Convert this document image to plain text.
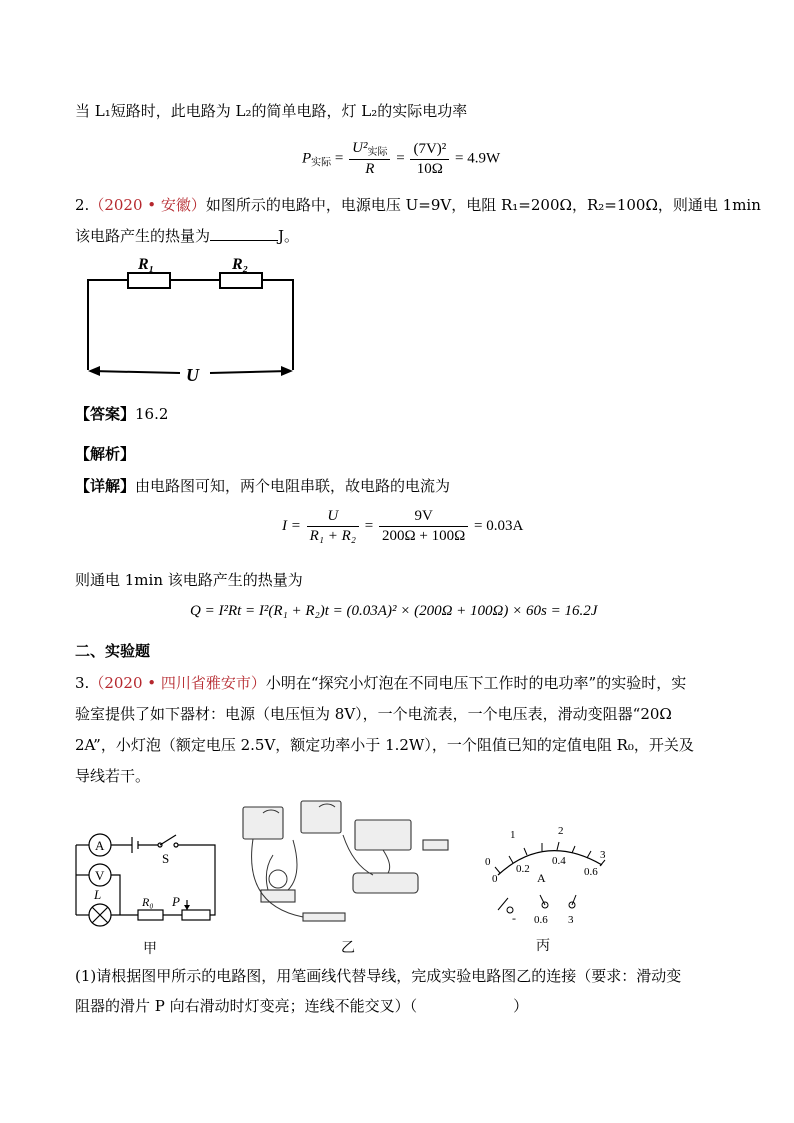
当 L₁短路时，此电路为 L₂的简单电路，灯 L₂的实际电功率
$P_{实际} = \frac{U^2_{实际}}{R} = \frac{\text{(7V)²}}{10\Omega} = 4.9W$
2.（2020 • 安徽）如图所示的电路中，电源电压 U=9V，电阻 R₁=200Ω，R₂=100Ω，则通电 1min
该电路产生的热量为	J。
R₁	R₂
U
【答案】16.2
【解析】
【详解】由电路图可知，两个电阻串联，故电路的电流为
$I = \frac{U}{\text{R₁ + R₂}} = \frac{9V}{200\Omega + 100\Omega} = 0.03A$
则通电 1min 该电路产生的热量为
Q = I²Rt = I²(R₁ + R₂)t = (0.03A)² × (200Ω + 100Ω) × 60s = 16.2J
二、实验题
3.（2020 • 四川省雅安市）小明在“探究小灯泡在不同电压下工作时的电功率”的实验时，实
验室提供了如下器材：电源（电压恒为 8V），一个电流表，一个电压表，滑动变阻器“20Ω
2A”，小灯泡（额定电压 2.5V，额定功率小于 1.2W），一个阻值已知的定值电阻 R₀，开关及
导线若干。
A
V
S
L	R₀ P
甲	乙
0
0.2
0.4
0.6
0
1	2
3
A
- 0.6 3
丙
(1)请根据图甲所示的电路图，用笔画线代替导线，完成实验电路图乙的连接（要求：滑动变
阻器的滑片 P 向右滑动时灯变亮；连线不能交叉）（	）
